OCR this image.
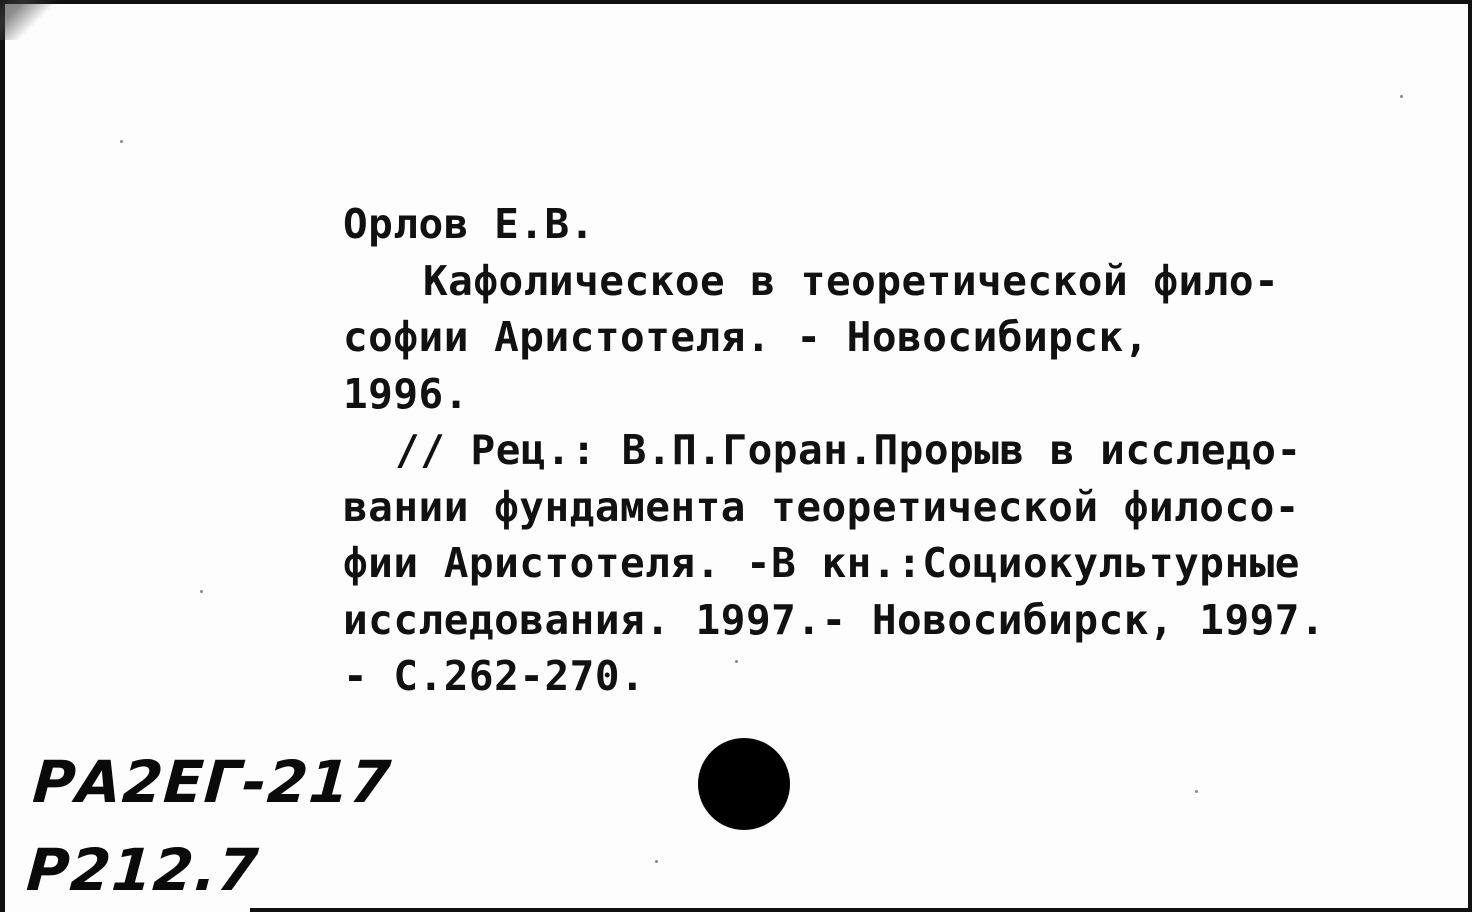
Орлов Е.В.
Кафолическое в теоретической фило-
софии Аристотеля. - Новосибирск,
1996.
// Рец.: В.П.Горан.Прорыв в исследо-
вании фундамента теоретической филосо-
фии Аристотеля. -В кн.:Социокультурные
исследования. 1997.- Новосибирск, 1997.
- С.262-270.
РА2ЕГ-217
Р212.7
